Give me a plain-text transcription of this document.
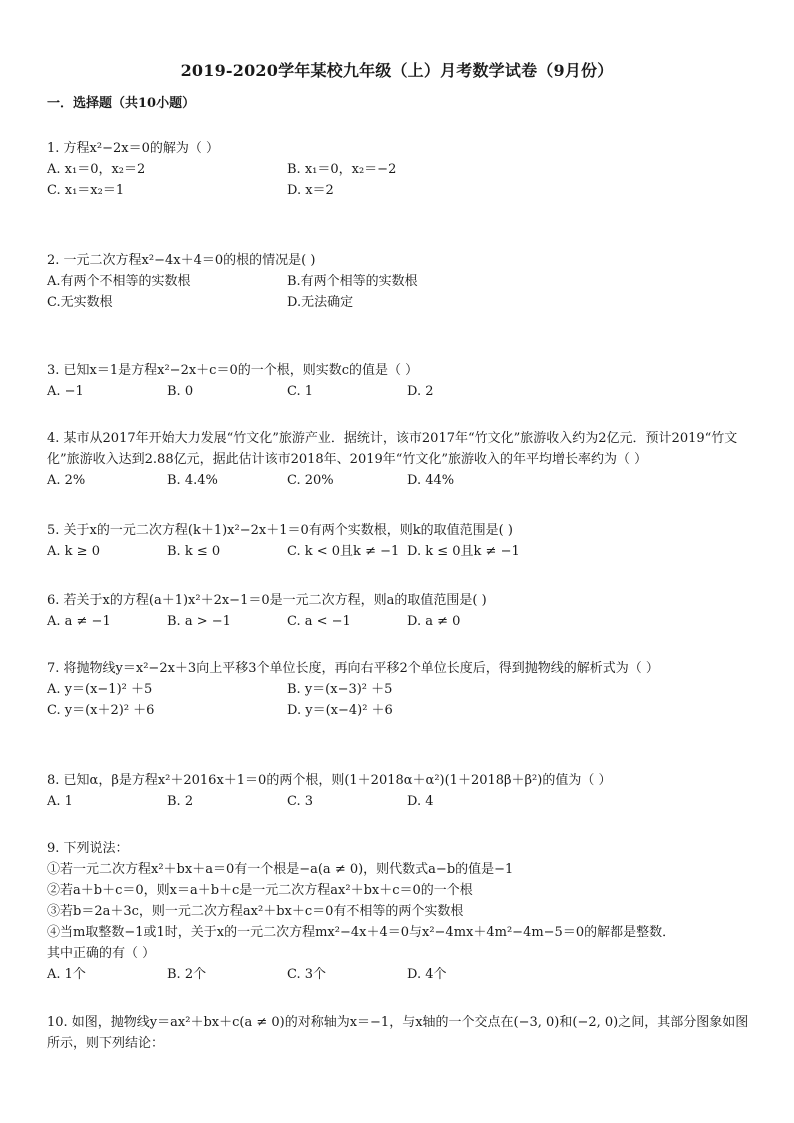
2019-2020学年某校九年级（上）月考数学试卷（9月份）
一．选择题（共10小题）
1. 方程x²−2x＝0的解为（ ）
A. x₁＝0，x₂＝2	B. x₁＝0，x₂＝−2
C. x₁＝x₂＝1	D. x＝2
2. 一元二次方程x²−4x＋4＝0的根的情况是( )
A.有两个不相等的实数根	B.有两个相等的实数根
C.无实数根	D.无法确定
3. 已知x＝1是方程x²−2x＋c＝0的一个根，则实数c的值是（ ）
A. −1	B. 0	C. 1	D. 2
4. 某市从2017年开始大力发展“竹文化”旅游产业．据统计，该市2017年“竹文化”旅游收入约为2亿元．预计2019“竹文化”旅游收入达到2.88亿元，据此估计该市2018年、2019年“竹文化”旅游收入的年平均增长率约为（ ）
A. 2%	B. 4.4%	C. 20%	D. 44%
5. 关于x的一元二次方程(k＋1)x²−2x＋1＝0有两个实数根，则k的取值范围是( )
A. k ≥ 0	B. k ≤ 0	C. k < 0且k ≠ −1 D. k ≤ 0且k ≠ −1
6. 若关于x的方程(a＋1)x²＋2x−1＝0是一元二次方程，则a的取值范围是( )
A. a ≠ −1	B. a > −1	C. a < −1	D. a ≠ 0
7. 将抛物线y＝x²−2x＋3向上平移3个单位长度，再向右平移2个单位长度后，得到抛物线的解析式为（ ）
A. y＝(x−1)² ＋5	B. y＝(x−3)² ＋5
C. y＝(x＋2)² ＋6	D. y＝(x−4)² ＋6
8. 已知α，β是方程x²＋2016x＋1＝0的两个根，则(1＋2018α＋α²)(1＋2018β＋β²)的值为（ ）
A. 1	B. 2	C. 3	D. 4
9. 下列说法：
①若一元二次方程x²＋bx＋a＝0有一个根是−a(a ≠ 0)，则代数式a−b的值是−1
②若a＋b＋c＝0，则x＝a＋b＋c是一元二次方程ax²＋bx＋c＝0的一个根
③若b＝2a＋3c，则一元二次方程ax²＋bx＋c＝0有不相等的两个实数根
④当m取整数−1或1时，关于x的一元二次方程mx²−4x＋4＝0与x²−4mx＋4m²−4m−5＝0的解都是整数．
其中正确的有（ ）
A. 1个	B. 2个	C. 3个	D. 4个
10. 如图，抛物线y＝ax²＋bx＋c(a ≠ 0)的对称轴为x＝−1，与x轴的一个交点在(−3, 0)和(−2, 0)之间，其部分图象如图所示，则下列结论：
